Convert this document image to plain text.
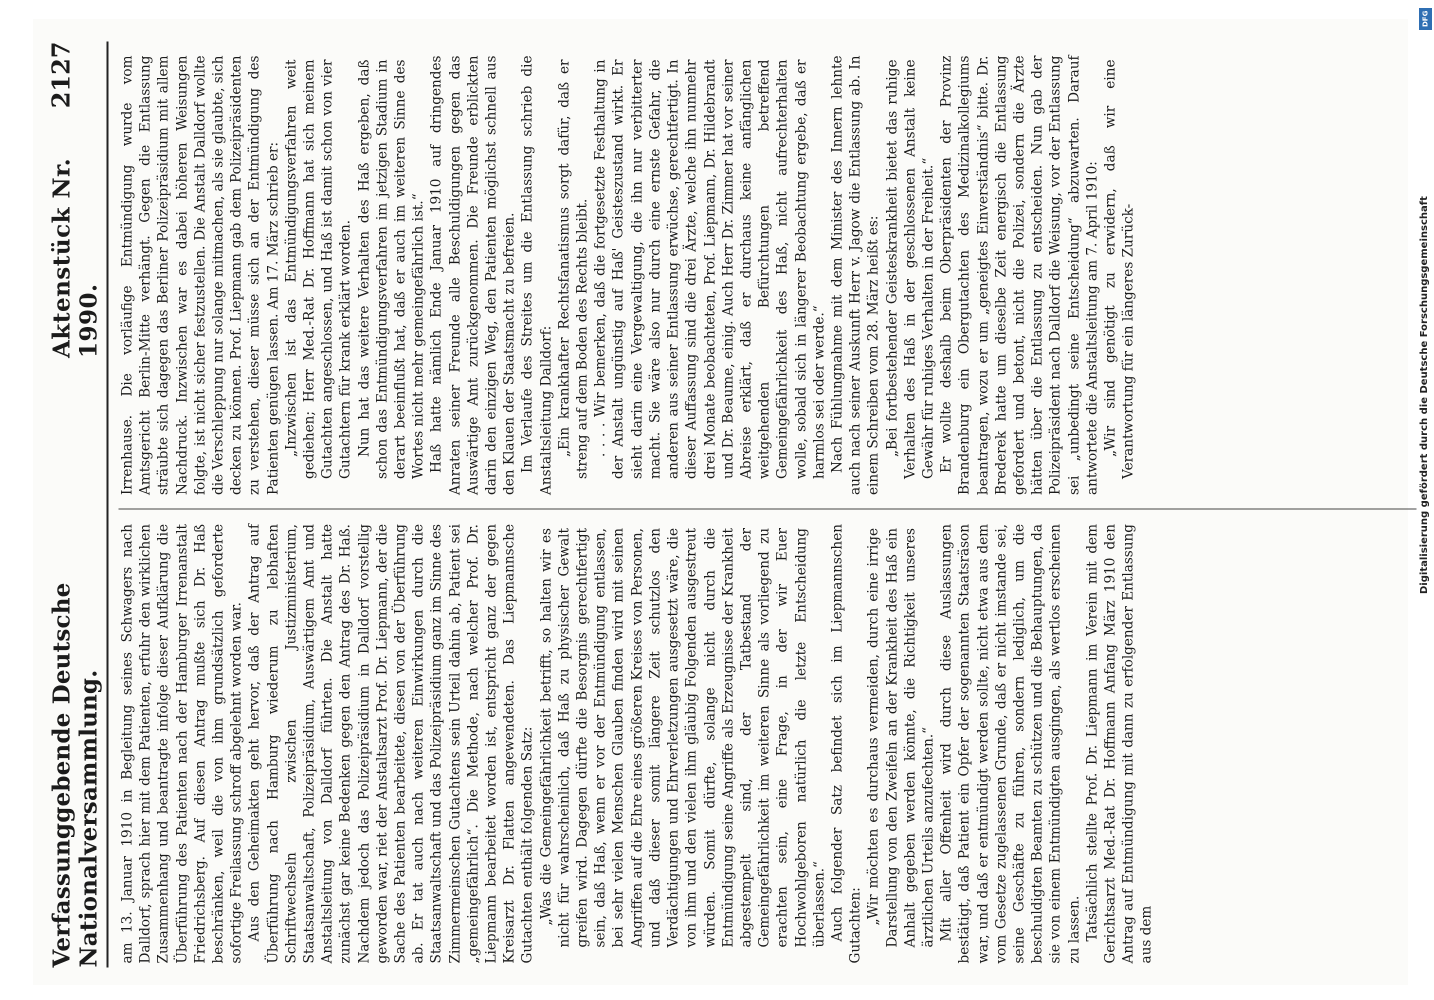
Verfassunggebende Deutsche Nationalversammlung.
Aktenstück Nr. 1990.
2127

am 13. Januar 1910 in Begleitung seines Schwagers nach Dalldorf, sprach hier mit dem Patienten, erfuhr den wirklichen Zusammenhang und beantragte infolge dieser Aufklärung die Überführung des Patienten nach der Hamburger Irrenanstalt Friedrichsberg. Auf diesen Antrag mußte sich Dr. Haß beschränken, weil die von ihm grundsätzlich geforderte sofortige Freilassung schroff abgelehnt worden war. Aus den Geheimakten geht hervor, daß der Antrag auf Überführung nach Hamburg wiederum zu lebhaften Schriftwechseln zwischen Justizministerium, Staatsanwaltschaft, Polizeipräsidium, Auswärtigem Amt und Anstaltsleitung von Dalldorf führten. Die Anstalt hatte zunächst gar keine Bedenken gegen den Antrag des Dr. Haß. Nachdem jedoch das Polizeipräsidium in Dalldorf vorstellig geworden war, riet der Anstaltsarzt Prof. Dr. Liepmann, der die Sache des Patienten bearbeitete, diesen von der Überführung ab. Er tat auch nach weiteren Einwirkungen durch die Staatsanwaltschaft und das Polizeipräsidium ganz im Sinne des Zimmermeinschen Gutachtens sein Urteil dahin ab, Patient sei „gemeingefährlich“. Die Methode, nach welcher Prof. Dr. Liepmann bearbeitet worden ist, entspricht ganz der gegen Kreisarzt Dr. Flatten angewendeten. Das Liepmannsche Gutachten enthält folgenden Satz: „Was die Gemeingefährlichkeit betrifft, so halten wir es nicht für wahrscheinlich, daß Haß zu physischer Gewalt greifen wird. Dagegen dürfte die Besorgnis gerechtfertigt sein, daß Haß, wenn er vor der Entmündigung entlassen, bei sehr vielen Menschen Glauben finden wird mit seinen Angriffen auf die Ehre eines größeren Kreises von Personen, und daß dieser somit längere Zeit schutzlos den Verdächtigungen und Ehrverletzungen ausgesetzt wäre, die von ihm und den vielen ihm gläubig Folgenden ausgestreut würden. Somit dürfte, solange nicht durch die Entmündigung seine Angriffe als Erzeugnisse der Krankheit abgestempelt sind, der Tatbestand der Gemeingefährlichkeit im weiteren Sinne als vorliegend zu erachten sein, eine Frage, in der wir Euer Hochwohlgeboren natürlich die letzte Entscheidung überlassen.“ Auch folgender Satz befindet sich im Liepmannschen Gutachten: „Wir möchten es durchaus vermeiden, durch eine irrige Darstellung von den Zweifeln an der Krankheit des Haß ein Anhalt gegeben werden könnte, die Richtigkeit unseres ärztlichen Urteils anzufechten.“ Mit aller Offenheit wird durch diese Auslassungen bestätigt, daß Patient ein Opfer der sogenannten Staatsräson war, und daß er entmündigt werden sollte, nicht etwa aus dem vom Gesetze zugelassenen Grunde, daß er nicht imstande sei, seine Geschäfte zu führen, sondern lediglich, um die beschuldigten Beamten zu schützen und die Behauptungen, da sie von einem Entmündigten ausgingen, als wertlos erscheinen zu lassen. Tatsächlich stellte Prof. Dr. Liepmann im Verein mit dem Gerichtsarzt Med.-Rat Dr. Hoffmann Anfang März 1910 den Antrag auf Entmündigung mit dann zu erfolgender Entlassung aus dem

Irrenhause. Die vorläufige Entmündigung wurde vom Amtsgericht Berlin-Mitte verhängt. Gegen die Entlassung sträubte sich dagegen das Berliner Polizeipräsidium mit allem Nachdruck. Inzwischen war es dabei höheren Weisungen folgte, ist nicht sicher festzustellen. Die Anstalt Dalldorf wollte die Verschleppung nur solange mitmachen, als sie glaubte, sich decken zu können. Prof. Liepmann gab dem Polizeipräsidenten zu verstehen, dieser müsse sich an der Entmündigung des Patienten genügen lassen. Am 17. März schrieb er: „Inzwischen ist das Entmündigungsverfahren weit gediehen; Herr Med.-Rat Dr. Hoffmann hat sich meinem Gutachten angeschlossen, und Haß ist damit schon von vier Gutachtern für krank erklärt worden. Nun hat das weitere Verhalten des Haß ergeben, daß schon das Entmündigungsverfahren im jetzigen Stadium in derart beeinflußt hat, daß er auch im weiteren Sinne des Wortes nicht mehr gemeingefährlich ist.“ Haß hatte nämlich Ende Januar 1910 auf dringendes Anraten seiner Freunde alle Beschuldigungen gegen das Auswärtige Amt zurückgenommen. Die Freunde erblickten darin den einzigen Weg, den Patienten möglichst schnell aus den Klauen der Staatsmacht zu befreien. Im Verlaufe des Streites um die Entlassung schrieb die Anstaltsleitung Dalldorf: „Ein krankhafter Rechtsfanatismus sorgt dafür, daß er streng auf dem Boden des Rechts bleibt. . . . . Wir bemerken, daß die fortgesetzte Festhaltung in der Anstalt ungünstig auf Haß' Geisteszustand wirkt. Er sieht darin eine Vergewaltigung, die ihn nur verbitterter macht. Sie wäre also nur durch eine ernste Gefahr, die anderen aus seiner Entlassung erwüchse, gerechtfertigt. In dieser Auffassung sind die drei Ärzte, welche ihn nunmehr drei Monate beobachteten, Prof. Liepmann, Dr. Hildebrandt und Dr. Beaume, einig. Auch Herr Dr. Zimmer hat vor seiner Abreise erklärt, daß er durchaus keine anfänglichen weitgehenden Befürchtungen betreffend Gemeingefährlichkeit des Haß, nicht aufrechterhalten wolle, sobald sich in längerer Beobachtung ergebe, daß er harmlos sei oder werde.“ Nach Fühlungnahme mit dem Minister des Innern lehnte auch nach seiner Auskunft Herr v. Jagow die Entlassung ab. In einem Schreiben vom 28. März heißt es: „Bei fortbestehender Geisteskrankheit bietet das ruhige Verhalten des Haß in der geschlossenen Anstalt keine Gewähr für ruhiges Verhalten in der Freiheit.“ Er wollte deshalb beim Oberpräsidenten der Provinz Brandenburg ein Obergutachten des Medizinalkollegiums beantragen, wozu er um „geneigtes Einverständnis“ bitte. Dr. Brederek hatte um dieselbe Zeit energisch die Entlassung gefordert und betont, nicht die Polizei, sondern die Ärzte hätten über die Entlassung zu entscheiden. Nun gab der Polizeipräsident nach Dalldorf die Weisung, vor der Entlassung sei „unbedingt seine Entscheidung“ abzuwarten. Darauf antwortete die Anstaltsleitung am 7. April 1910: „Wir sind genötigt zu erwidern, daß wir eine Verantwortung für ein längeres Zurück-

DFG
Digitalisierung gefördert durch die Deutsche Forschungsgemeinschaft
